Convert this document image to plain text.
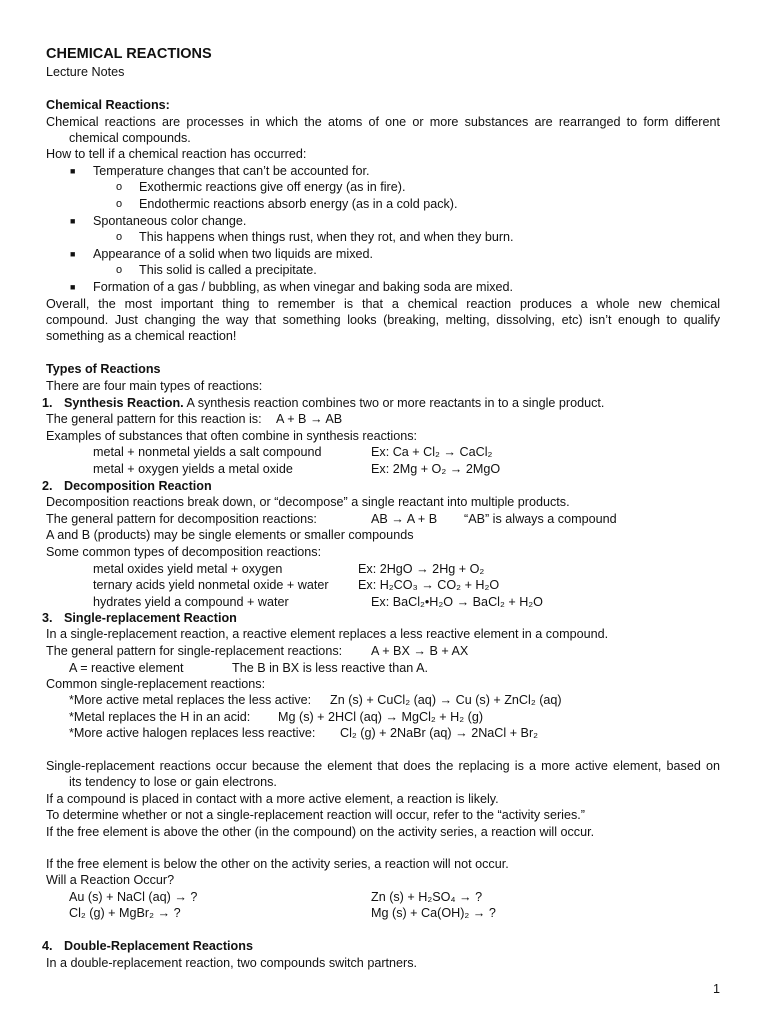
CHEMICAL REACTIONS
Lecture Notes
Chemical Reactions:
Chemical reactions are processes in which the atoms of one or more substances are rearranged to form different
chemical compounds.
How to tell if a chemical reaction has occurred:
■ Temperature changes that can’t be accounted for.
o Exothermic reactions give off energy (as in fire).
o Endothermic reactions absorb energy (as in a cold pack).
■ Spontaneous color change.
o This happens when things rust, when they rot, and when they burn.
■ Appearance of a solid when two liquids are mixed.
o This solid is called a precipitate.
■ Formation of a gas / bubbling, as when vinegar and baking soda are mixed.
Overall, the most important thing to remember is that a chemical reaction produces a whole new chemical
compound. Just changing the way that something looks (breaking, melting, dissolving, etc) isn’t enough to qualify
something as a chemical reaction!
Types of Reactions
There are four main types of reactions:
1. Synthesis Reaction. A synthesis reaction combines two or more reactants in to a single product.
The general pattern for this reaction is: A + B → AB
Examples of substances that often combine in synthesis reactions:
metal + nonmetal yields a salt compound	Ex: Ca + Cl₂ → CaCl₂
metal + oxygen yields a metal oxide	Ex: 2Mg + O₂ → 2MgO
2. Decomposition Reaction
Decomposition reactions break down, or “decompose” a single reactant into multiple products.
The general pattern for decomposition reactions:	AB → A + B “AB” is always a compound
A and B (products) may be single elements or smaller compounds
Some common types of decomposition reactions:
metal oxides yield metal + oxygen	Ex: 2HgO → 2Hg + O₂
ternary acids yield nonmetal oxide + water Ex: H₂CO₃ → CO₂ + H₂O
hydrates yield a compound + water	Ex: BaCl₂•H₂O → BaCl₂ + H₂O
3. Single-replacement Reaction
In a single-replacement reaction, a reactive element replaces a less reactive element in a compound.
The general pattern for single-replacement reactions: A + BX → B + AX
A = reactive element	The B in BX is less reactive than A.
Common single-replacement reactions:
*More active metal replaces the less active: Zn (s) + CuCl₂ (aq) → Cu (s) + ZnCl₂ (aq)
*Metal replaces the H in an acid: Mg (s) + 2HCl (aq) → MgCl₂ + H₂ (g)
*More active halogen replaces less reactive: Cl₂ (g) + 2NaBr (aq) → 2NaCl + Br₂
Single-replacement reactions occur because the element that does the replacing is a more active element, based on
its tendency to lose or gain electrons.
If a compound is placed in contact with a more active element, a reaction is likely.
To determine whether or not a single-replacement reaction will occur, refer to the “activity series.”
If the free element is above the other (in the compound) on the activity series, a reaction will occur.
If the free element is below the other on the activity series, a reaction will not occur.
Will a Reaction Occur?
Au (s) + NaCl (aq) → ?	Zn (s) + H₂SO₄ → ?
Cl₂ (g) + MgBr₂ → ?	Mg (s) + Ca(OH)₂ → ?
4. Double-Replacement Reactions
In a double-replacement reaction, two compounds switch partners.
1
